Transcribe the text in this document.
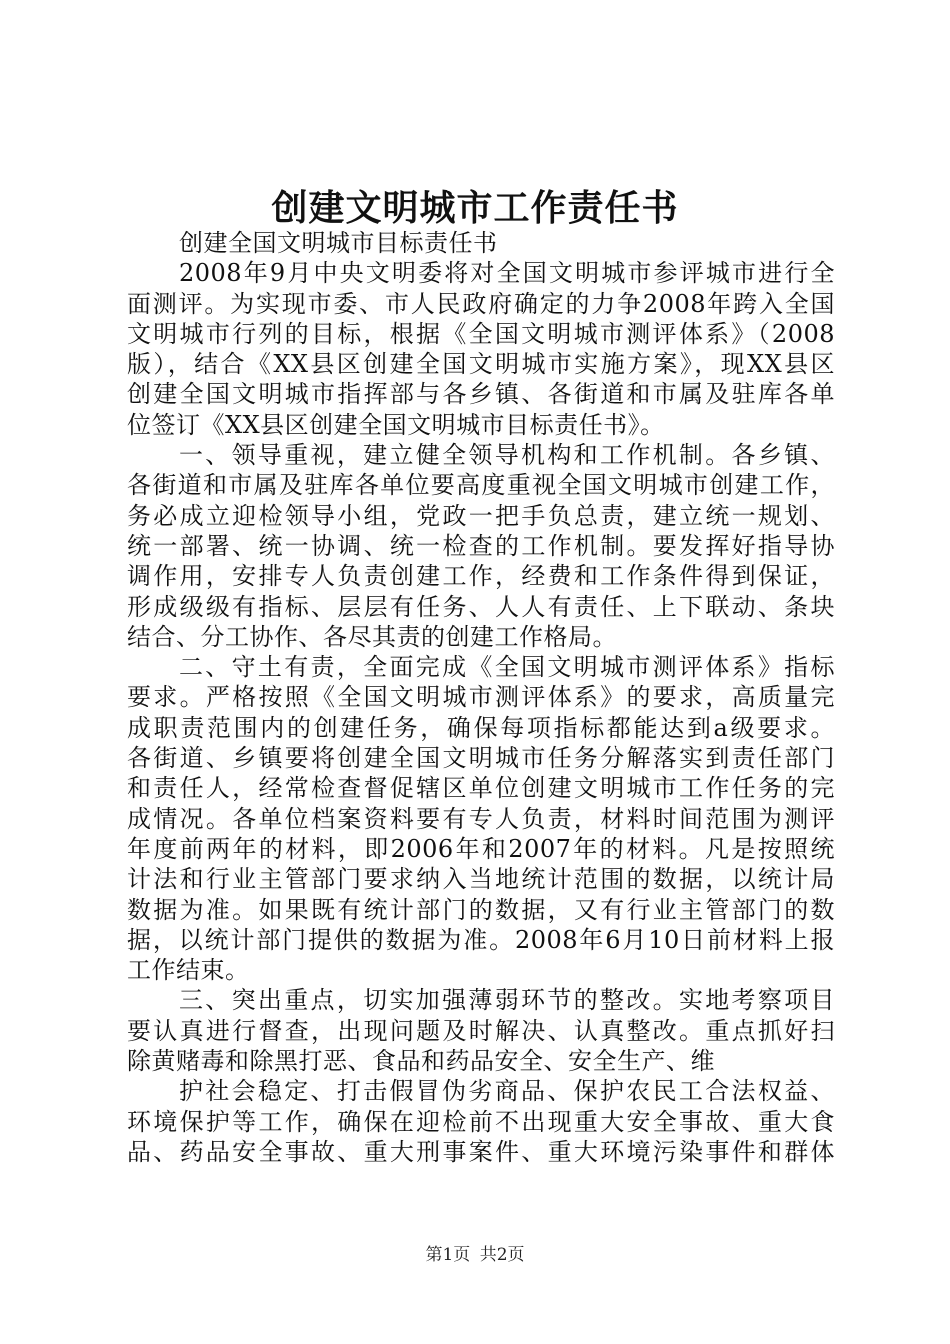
创建文明城市工作责任书
创建全国文明城市目标责任书
2008年9月中央文明委将对全国文明城市参评城市进行全
面测评。为实现市委、市人民政府确定的力争2008年跨入全国
文明城市行列的目标，根据《全国文明城市测评体系》（2008
版），结合《XX县区创建全国文明城市实施方案》，现XX县区
创建全国文明城市指挥部与各乡镇、各街道和市属及驻库各单
位签订《XX县区创建全国文明城市目标责任书》。
一、领导重视，建立健全领导机构和工作机制。各乡镇、
各街道和市属及驻库各单位要高度重视全国文明城市创建工作，
务必成立迎检领导小组，党政一把手负总责，建立统一规划、
统一部署、统一协调、统一检查的工作机制。要发挥好指导协
调作用，安排专人负责创建工作，经费和工作条件得到保证，
形成级级有指标、层层有任务、人人有责任、上下联动、条块
结合、分工协作、各尽其责的创建工作格局。
二、守土有责，全面完成《全国文明城市测评体系》指标
要求。严格按照《全国文明城市测评体系》的要求，高质量完
成职责范围内的创建任务，确保每项指标都能达到a级要求。
各街道、乡镇要将创建全国文明城市任务分解落实到责任部门
和责任人，经常检查督促辖区单位创建文明城市工作任务的完
成情况。各单位档案资料要有专人负责，材料时间范围为测评
年度前两年的材料，即2006年和2007年的材料。凡是按照统
计法和行业主管部门要求纳入当地统计范围的数据，以统计局
数据为准。如果既有统计部门的数据，又有行业主管部门的数
据，以统计部门提供的数据为准。2008年6月10日前材料上报
工作结束。
三、突出重点，切实加强薄弱环节的整改。实地考察项目
要认真进行督查，出现问题及时解决、认真整改。重点抓好扫
除黄赌毒和除黑打恶、食品和药品安全、安全生产、维
护社会稳定、打击假冒伪劣商品、保护农民工合法权益、
环境保护等工作，确保在迎检前不出现重大安全事故、重大食
品、药品安全事故、重大刑事案件、重大环境污染事件和群体
第1页 共2页
